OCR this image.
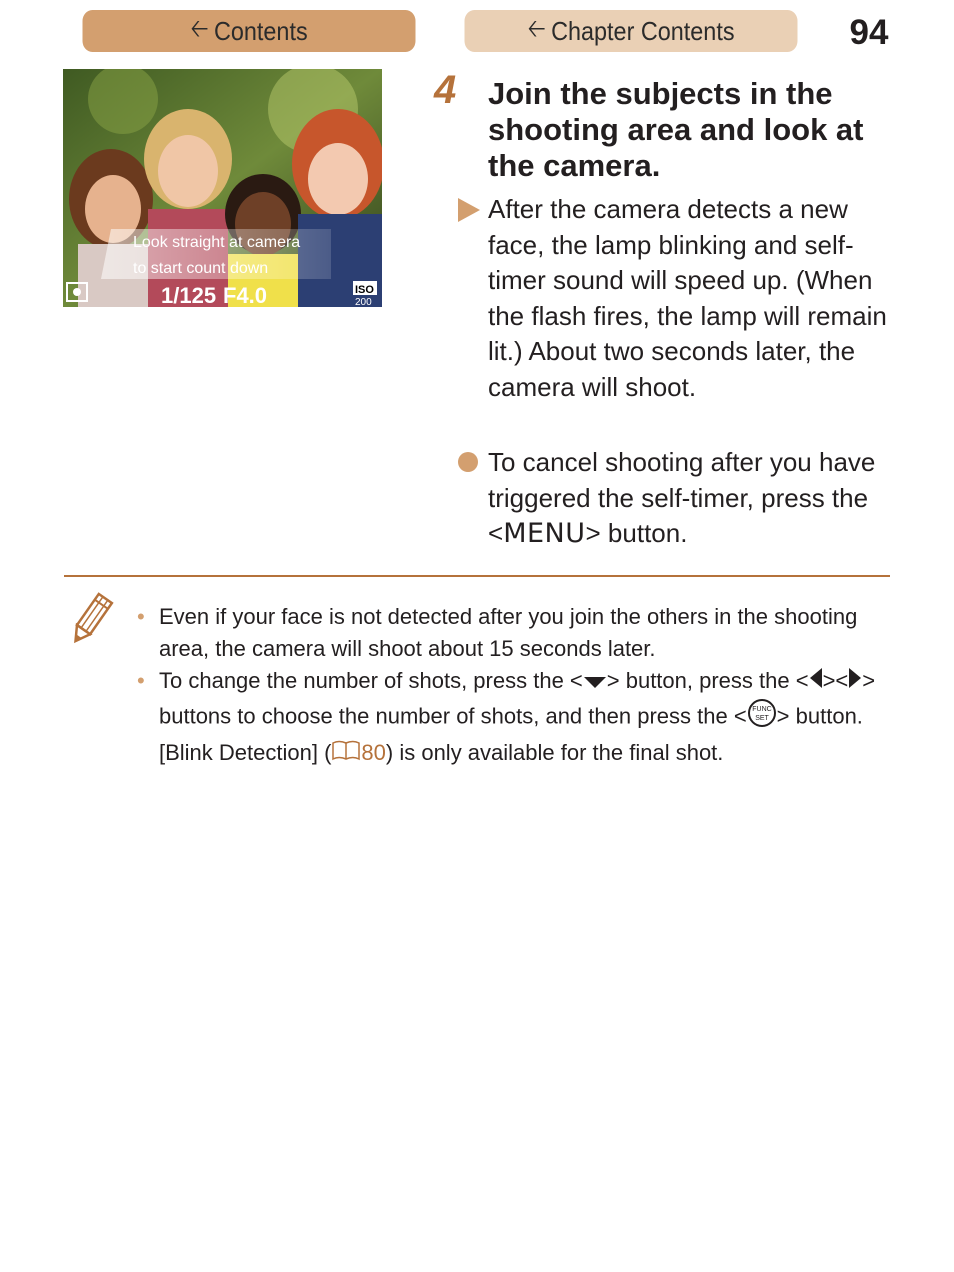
🡠 Contents	🡠 Chapter Contents	94
Look straight at camera
to start count down
1/125 F4.0	ISO
200
4 Join the subjects in the shooting area and look at the camera.
After the camera detects a new face, the lamp blinking and self-timer sound will speed up. (When the flash fires, the lamp will remain lit.) About two seconds later, the camera will shoot.
To cancel shooting after you have triggered the self-timer, press the <MENU> button.
• Even if your face is not detected after you join the others in the shooting area, the camera will shoot about 15 seconds later.
• To change the number of shots, press the < > button, press the < >< > buttons to choose the number of shots, and then press the < FUNC
SET > button. [Blink Detection] ( 80) is only available for the final shot.
